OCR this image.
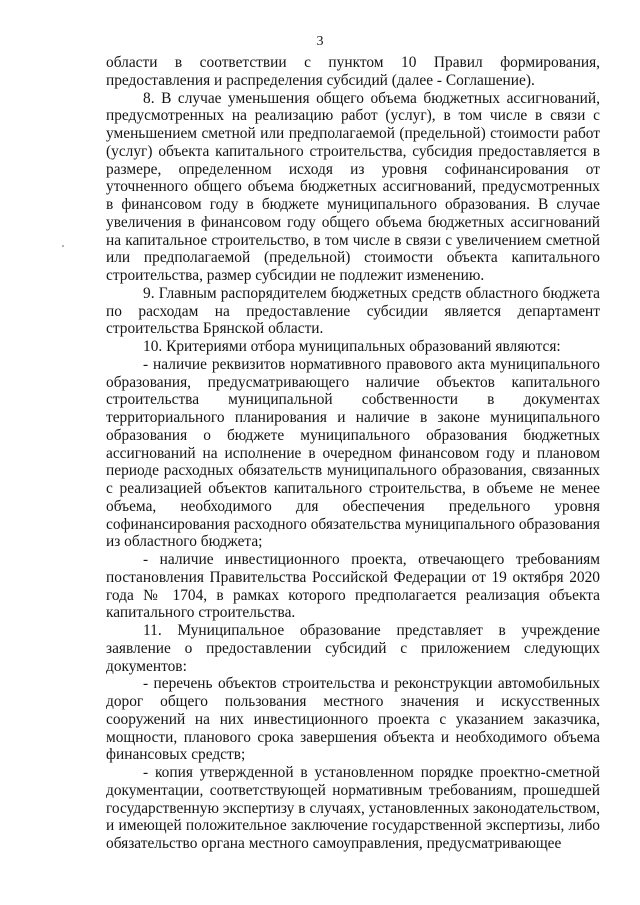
3

области в соответствии с пунктом 10 Правил формирования, предоставления и распределения субсидий (далее - Соглашение).

8. В случае уменьшения общего объема бюджетных ассигнований, предусмотренных на реализацию работ (услуг), в том числе в связи с уменьшением сметной или предполагаемой (предельной) стоимости работ (услуг) объекта капитального строительства, субсидия предоставляется в размере, определенном исходя из уровня софинансирования от уточненного общего объема бюджетных ассигнований, предусмотренных в финансовом году в бюджете муниципального образования. В случае увеличения в финансовом году общего объема бюджетных ассигнований на капитальное строительство, в том числе в связи с увеличением сметной или предполагаемой (предельной) стоимости объекта капитального строительства, размер субсидии не подлежит изменению.

9. Главным распорядителем бюджетных средств областного бюджета по расходам на предоставление субсидии является департамент строительства Брянской области.

10. Критериями отбора муниципальных образований являются:

- наличие реквизитов нормативного правового акта муниципального образования, предусматривающего наличие объектов капитального строительства муниципальной собственности в документах территориального планирования и наличие в законе муниципального образования о бюджете муниципального образования бюджетных ассигнований на исполнение в очередном финансовом году и плановом периоде расходных обязательств муниципального образования, связанных с реализацией объектов капитального строительства, в объеме не менее объема, необходимого для обеспечения предельного уровня софинансирования расходного обязательства муниципального образования из областного бюджета;

- наличие инвестиционного проекта, отвечающего требованиям постановления Правительства Российской Федерации от 19 октября 2020 года № 1704, в рамках которого предполагается реализация объекта капитального строительства.

11. Муниципальное образование представляет в учреждение заявление о предоставлении субсидий с приложением следующих документов:

- перечень объектов строительства и реконструкции автомобильных дорог общего пользования местного значения и искусственных сооружений на них инвестиционного проекта с указанием заказчика, мощности, планового срока завершения объекта и необходимого объема финансовых средств;

- копия утвержденной в установленном порядке проектно-сметной документации, соответствующей нормативным требованиям, прошедшей государственную экспертизу в случаях, установленных законодательством, и имеющей положительное заключение государственной экспертизы, либо обязательство органа местного самоуправления, предусматривающее
